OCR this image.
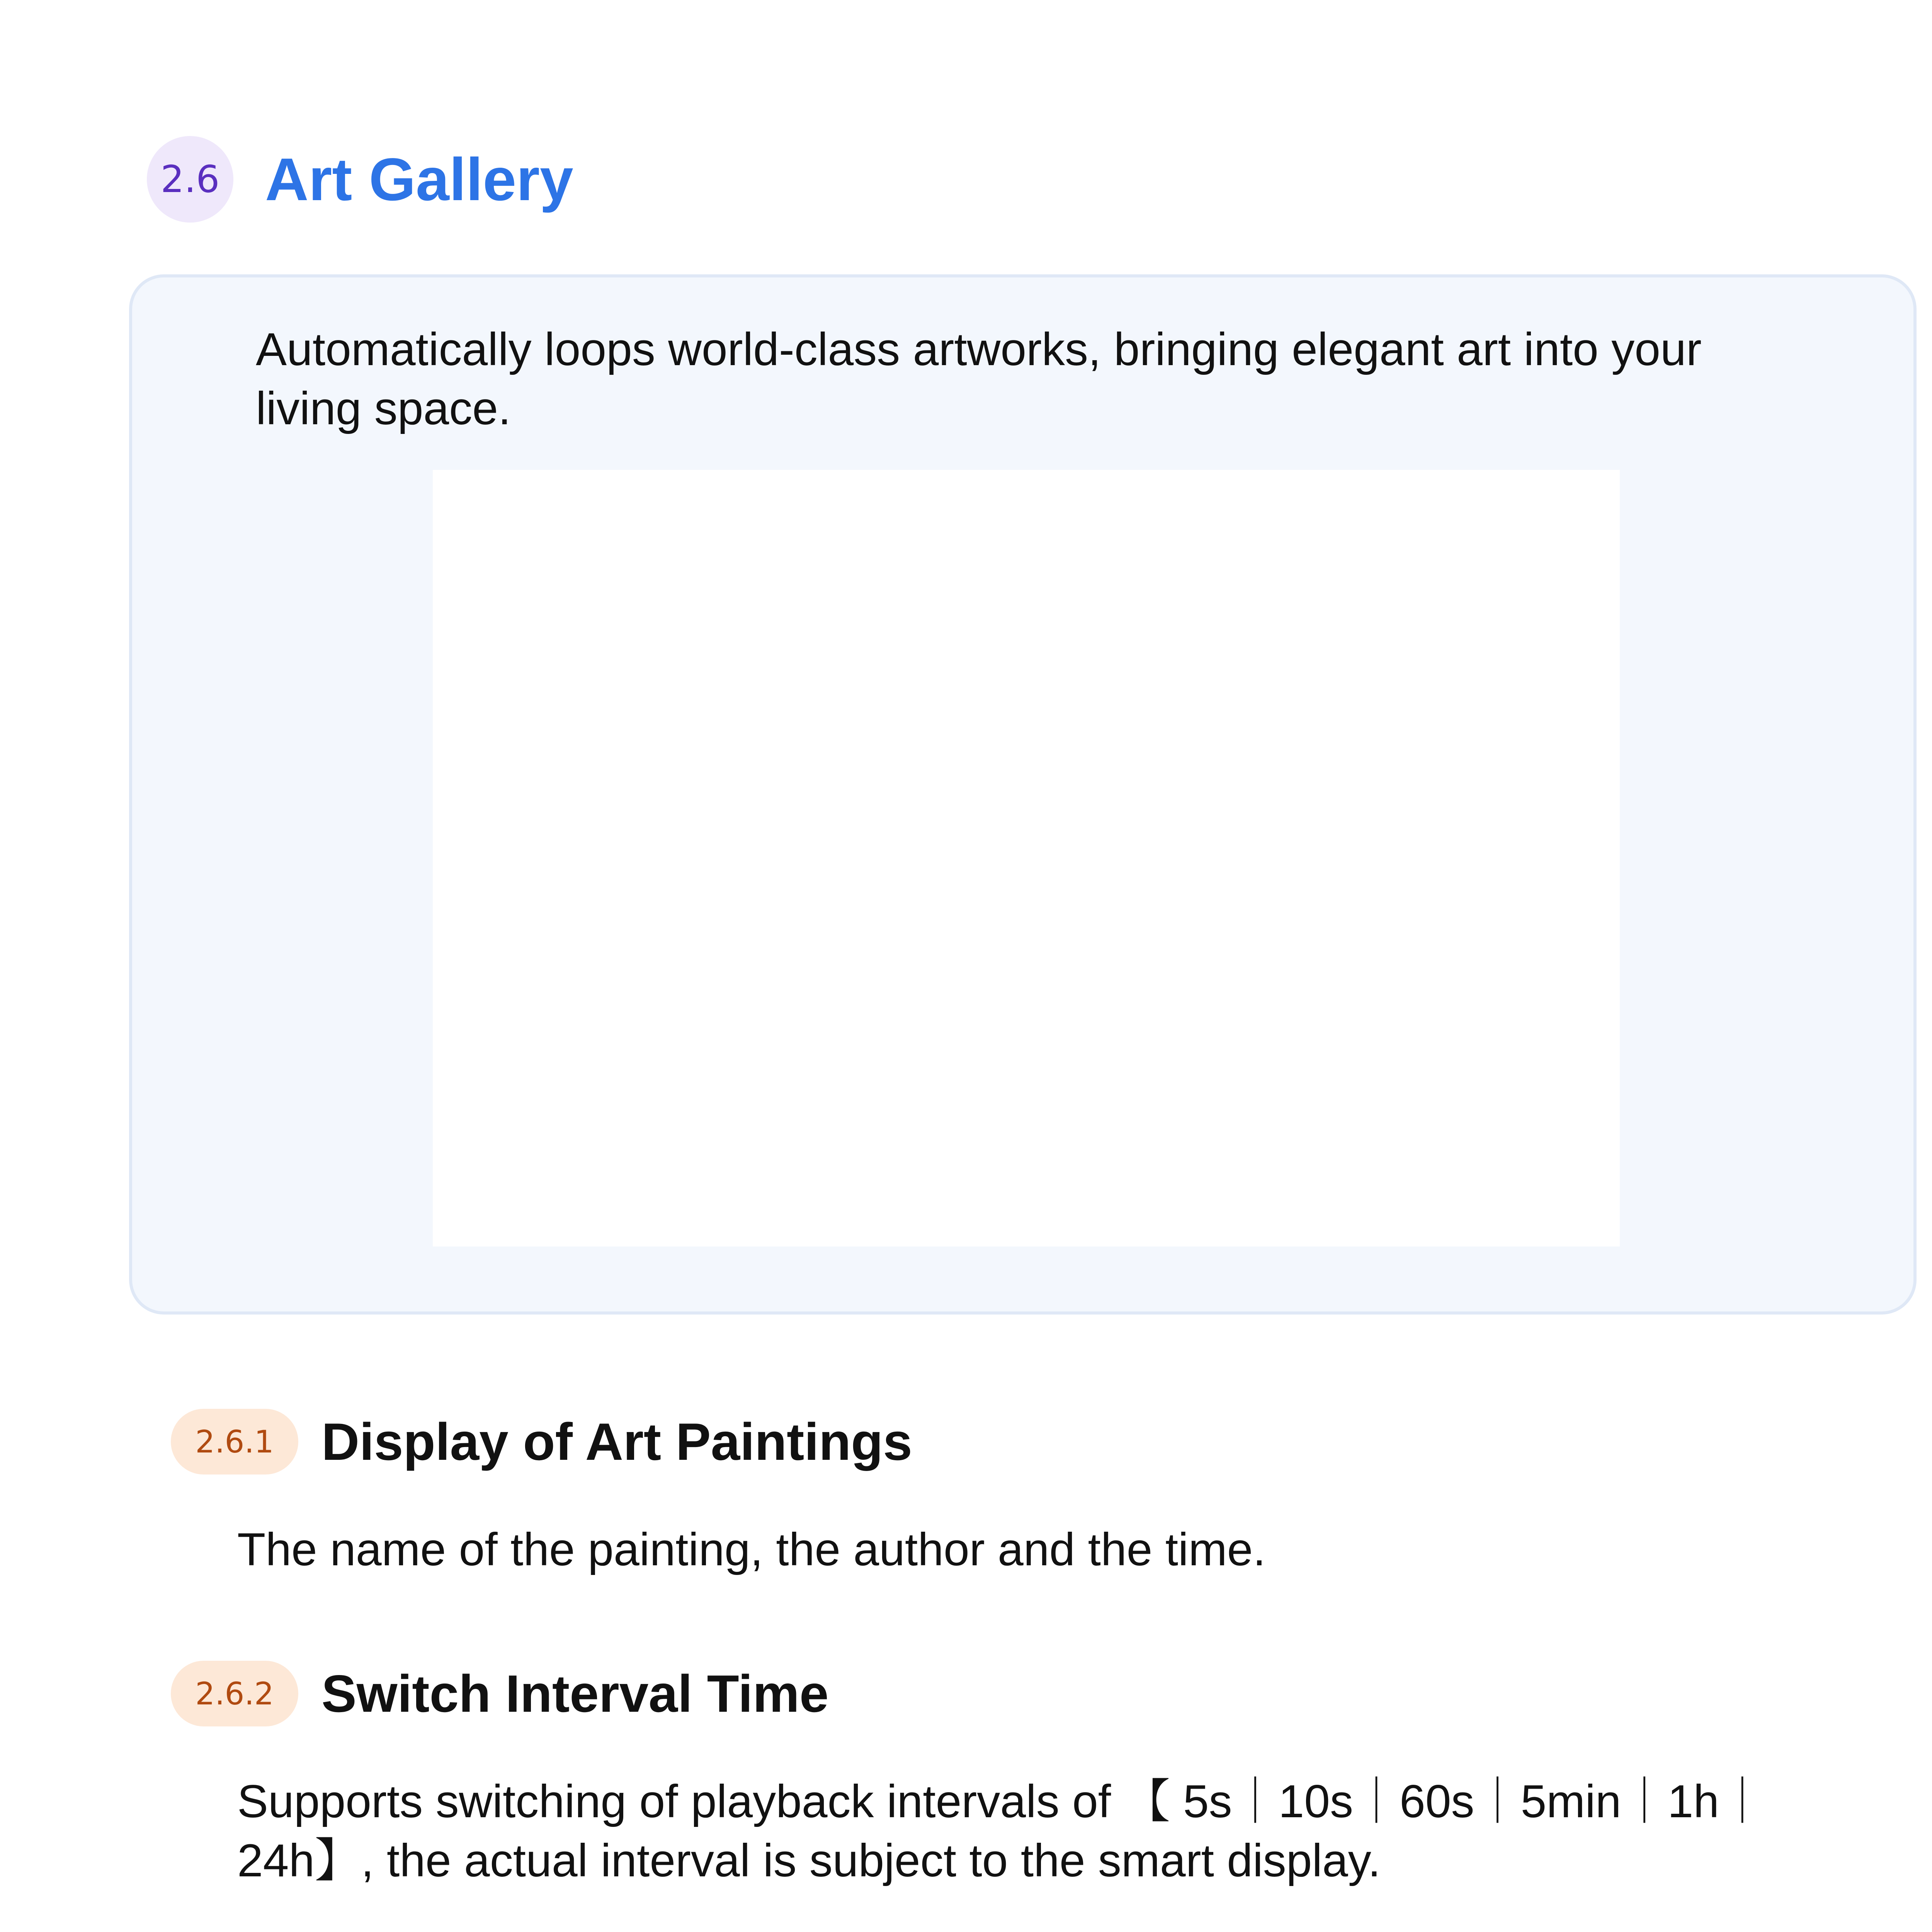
2.6 Art Gallery
Automatically loops world-class artworks, bringing elegant art into your living space.
2.6.1 Display of Art Paintings
The name of the painting, the author and the time.
2.6.2 Switch Interval Time
Supports switching of playback intervals of 【 5s｜10s｜60s｜5min｜1h｜24h】, the actual interval is subject to the smart display.
